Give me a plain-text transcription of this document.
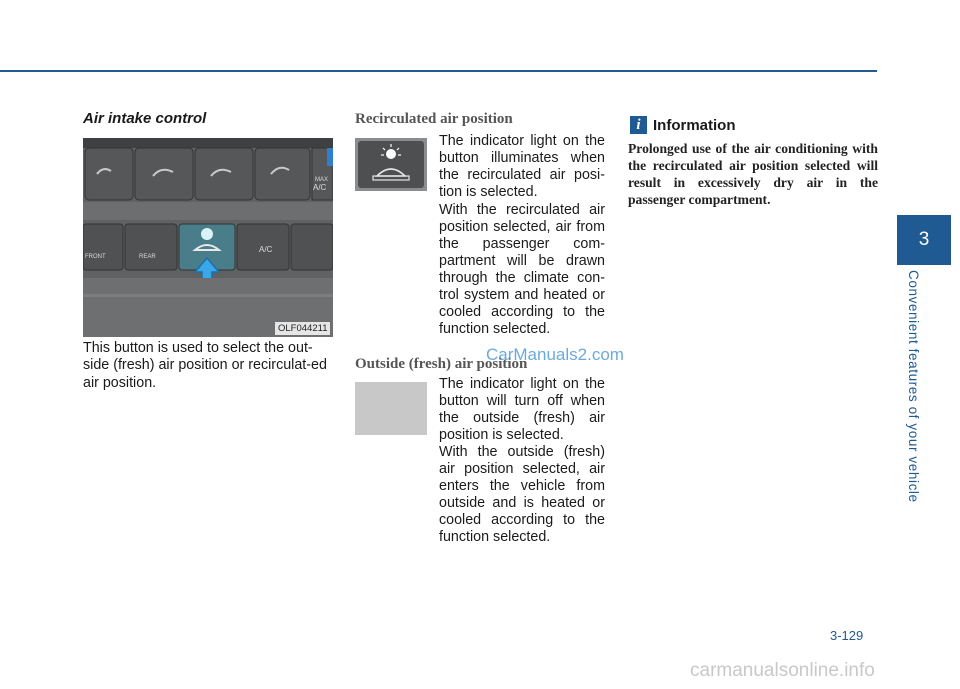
3
Convenient features of your vehicle
Air intake control
MAX
A/C
FRONT	REAR
A/C
OLF044211
This button is used to select the out-side (fresh) air position or recirculat-ed air position.
Recirculated air position

The indicator light on the button illuminates when the recirculated air posi-tion is selected.

With the recirculated air position selected, air from the passenger com-partment will be drawn through the climate con-trol system and heated or cooled according to the function selected.

Outside (fresh) air position

The indicator light on the button will turn off when the outside (fresh) air position is selected.

With the outside (fresh) air position selected, air enters the vehicle from outside and is heated or cooled according to the function selected.

i Information
Prolonged use of the air conditioning with the recirculated air position selected will result in excessively dry air in the passenger compartment.
3-129
CarManuals2.com
carmanualsonline.info
